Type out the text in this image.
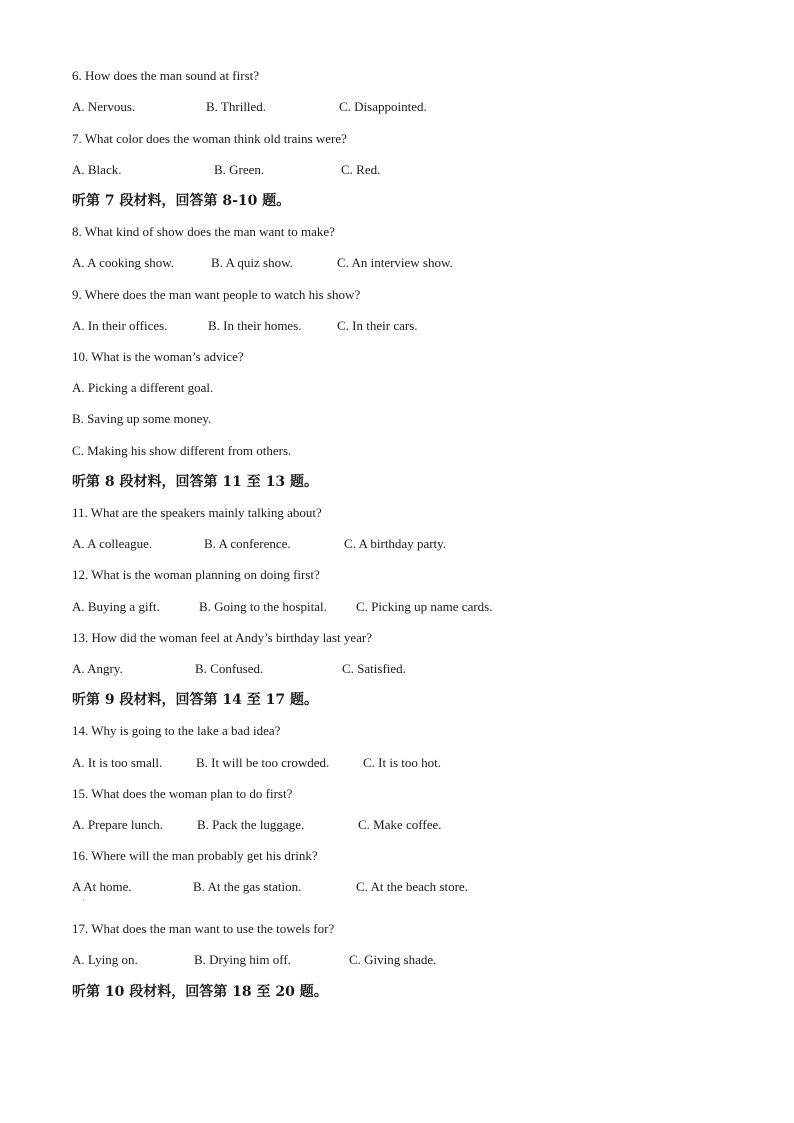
6. How does the man sound at first?
A. Nervous.	B. Thrilled.	C. Disappointed.
7. What color does the woman think old trains were?
A. Black.	B. Green.	C. Red.
听第 7 段材料，回答第 8-10 题。
8. What kind of show does the man want to make?
A. A cooking show.	B. A quiz show.	C. An interview show.
9. Where does the man want people to watch his show?
A. In their offices.	B. In their homes.	C. In their cars.
10. What is the woman’s advice?
A. Picking a different goal.
B. Saving up some money.
C. Making his show different from others.
听第 8 段材料，回答第 11 至 13 题。
11. What are the speakers mainly talking about?
A. A colleague.	B. A conference.	C. A birthday party.
12. What is the woman planning on doing first?
A. Buying a gift.	B. Going to the hospital. C. Picking up name cards.
13. How did the woman feel at Andy’s birthday last year?
A. Angry.	B. Confused.	C. Satisfied.
听第 9 段材料，回答第 14 至 17 题。
14. Why is going to the lake a bad idea?
A. It is too small.	B. It will be too crowded.	C. It is too hot.
15. What does the woman plan to do first?
A. Prepare lunch.	B. Pack the luggage.	C. Make coffee.
16. Where will the man probably get his drink?
A At home.	B. At the gas station.	C. At the beach store.
·
17. What does the man want to use the towels for?
A. Lying on.	B. Drying him off.	C. Giving shade.
听第 10 段材料，回答第 18 至 20 题。
